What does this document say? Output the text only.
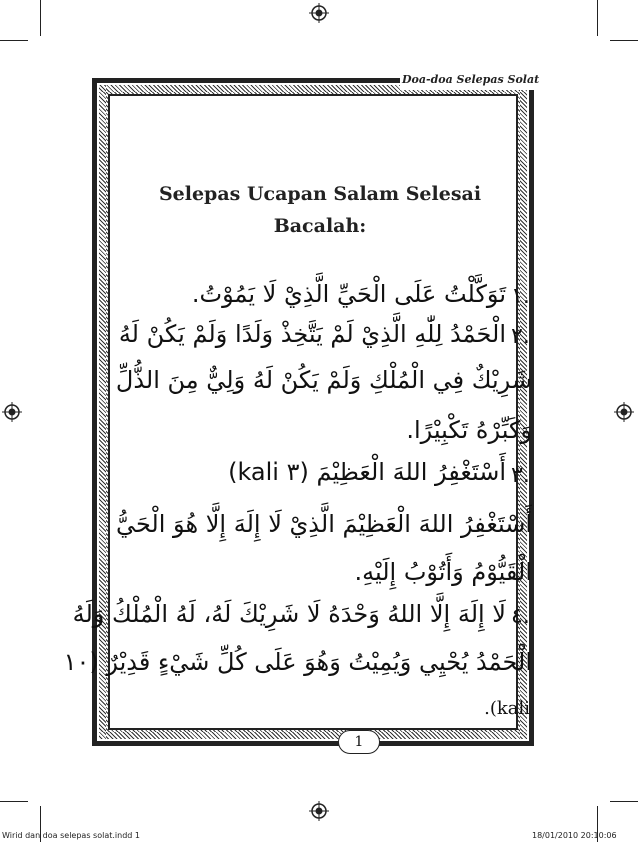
Doa-doa Selepas Solat
Selepas Ucapan Salam Selesai
Bacalah:
١.
تَوَكَّلْتُ عَلَى الْحَيِّ الَّذِيْ لَا يَمُوْتُ.
٢.
الْحَمْدُ لِلّٰهِ الَّذِيْ لَمْ يَتَّخِذْ وَلَدًا وَلَمْ يَكُنْ لَهُ
شَرِيْكٌ فِي الْمُلْكِ وَلَمْ يَكُنْ لَهُ وَلِيٌّ مِنَ الذُّلِّ
وَكَبِّرْهُ تَكْبِيْرًا.
٣.
أَسْتَغْفِرُ اللهَ الْعَظِيْمَ (٣ kali)
أَسْتَغْفِرُ اللهَ الْعَظِيْمَ الَّذِيْ لَا إِلَهَ إِلَّا هُوَ الْحَيُّ
الْقَيُّوْمُ وَأَتُوْبُ إِلَيْهِ.
٤.
لَا إِلَهَ إِلَّا اللهُ وَحْدَهُ لَا شَرِيْكَ لَهُ، لَهُ الْمُلْكُ وَلَهُ
الْحَمْدُ يُحْيِي وَيُمِيْتُ وَهُوَ عَلَى كُلِّ شَيْءٍ قَدِيْرٌ (١٠
.(kali
1
Wirid dan doa selepas solat.indd 1	18/01/2010 20:10:06
